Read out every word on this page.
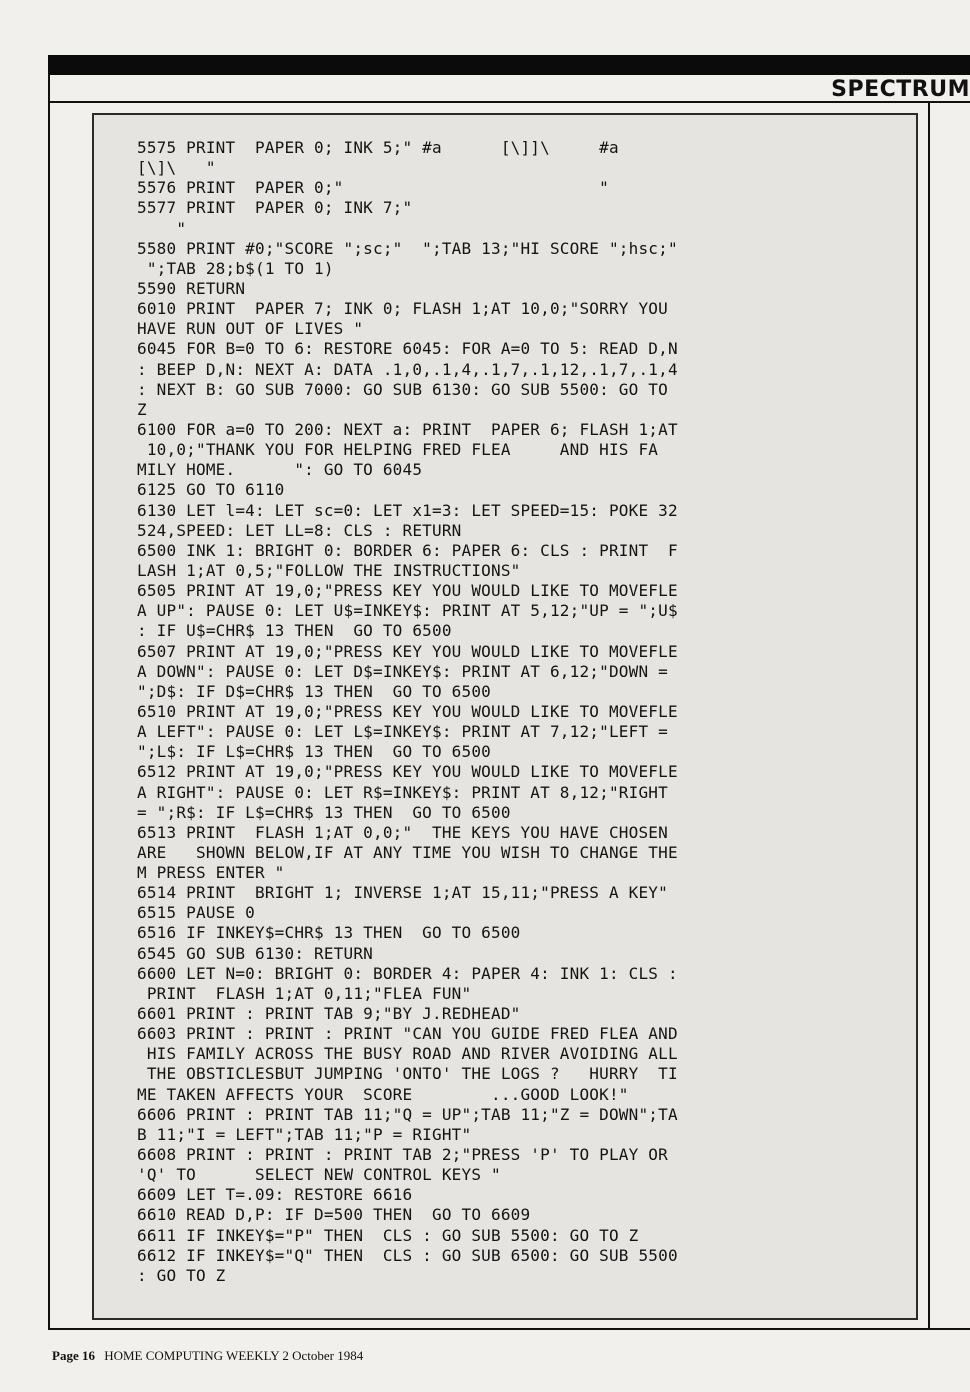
SPECTRUM
5575 PRINT  PAPER 0; INK 5;" #a      [\]]\     #a
[\]\   "
5576 PRINT  PAPER 0;"                          "
5577 PRINT  PAPER 0; INK 7;"
"
5580 PRINT #0;"SCORE ";sc;"  ";TAB 13;"HI SCORE ";hsc;"
";TAB 28;b$(1 TO 1)
5590 RETURN
6010 PRINT  PAPER 7; INK 0; FLASH 1;AT 10,0;"SORRY YOU
HAVE RUN OUT OF LIVES "
6045 FOR B=0 TO 6: RESTORE 6045: FOR A=0 TO 5: READ D,N
: BEEP D,N: NEXT A: DATA .1,0,.1,4,.1,7,.1,12,.1,7,.1,4
: NEXT B: GO SUB 7000: GO SUB 6130: GO SUB 5500: GO TO
Z
6100 FOR a=0 TO 200: NEXT a: PRINT  PAPER 6; FLASH 1;AT
10,0;"THANK YOU FOR HELPING FRED FLEA     AND HIS FA
MILY HOME.      ": GO TO 6045
6125 GO TO 6110
6130 LET l=4: LET sc=0: LET x1=3: LET SPEED=15: POKE 32
524,SPEED: LET LL=8: CLS : RETURN
6500 INK 1: BRIGHT 0: BORDER 6: PAPER 6: CLS : PRINT  F
LASH 1;AT 0,5;"FOLLOW THE INSTRUCTIONS"
6505 PRINT AT 19,0;"PRESS KEY YOU WOULD LIKE TO MOVEFLE
A UP": PAUSE 0: LET U$=INKEY$: PRINT AT 5,12;"UP = ";U$
: IF U$=CHR$ 13 THEN  GO TO 6500
6507 PRINT AT 19,0;"PRESS KEY YOU WOULD LIKE TO MOVEFLE
A DOWN": PAUSE 0: LET D$=INKEY$: PRINT AT 6,12;"DOWN =
";D$: IF D$=CHR$ 13 THEN  GO TO 6500
6510 PRINT AT 19,0;"PRESS KEY YOU WOULD LIKE TO MOVEFLE
A LEFT": PAUSE 0: LET L$=INKEY$: PRINT AT 7,12;"LEFT =
";L$: IF L$=CHR$ 13 THEN  GO TO 6500
6512 PRINT AT 19,0;"PRESS KEY YOU WOULD LIKE TO MOVEFLE
A RIGHT": PAUSE 0: LET R$=INKEY$: PRINT AT 8,12;"RIGHT
= ";R$: IF L$=CHR$ 13 THEN  GO TO 6500
6513 PRINT  FLASH 1;AT 0,0;"  THE KEYS YOU HAVE CHOSEN
ARE   SHOWN BELOW,IF AT ANY TIME YOU WISH TO CHANGE THE
M PRESS ENTER "
6514 PRINT  BRIGHT 1; INVERSE 1;AT 15,11;"PRESS A KEY"
6515 PAUSE 0
6516 IF INKEY$=CHR$ 13 THEN  GO TO 6500
6545 GO SUB 6130: RETURN
6600 LET N=0: BRIGHT 0: BORDER 4: PAPER 4: INK 1: CLS :
PRINT  FLASH 1;AT 0,11;"FLEA FUN"
6601 PRINT : PRINT TAB 9;"BY J.REDHEAD"
6603 PRINT : PRINT : PRINT "CAN YOU GUIDE FRED FLEA AND
HIS FAMILY ACROSS THE BUSY ROAD AND RIVER AVOIDING ALL
THE OBSTICLESBUT JUMPING 'ONTO' THE LOGS ?   HURRY  TI
ME TAKEN AFFECTS YOUR  SCORE        ...GOOD LOOK!"
6606 PRINT : PRINT TAB 11;"Q = UP";TAB 11;"Z = DOWN";TA
B 11;"I = LEFT";TAB 11;"P = RIGHT"
6608 PRINT : PRINT : PRINT TAB 2;"PRESS 'P' TO PLAY OR
'Q' TO      SELECT NEW CONTROL KEYS "
6609 LET T=.09: RESTORE 6616
6610 READ D,P: IF D=500 THEN  GO TO 6609
6611 IF INKEY$="P" THEN  CLS : GO SUB 5500: GO TO Z
6612 IF INKEY$="Q" THEN  CLS : GO SUB 6500: GO SUB 5500
: GO TO Z
Page 16 HOME COMPUTING WEEKLY 2 October 1984
